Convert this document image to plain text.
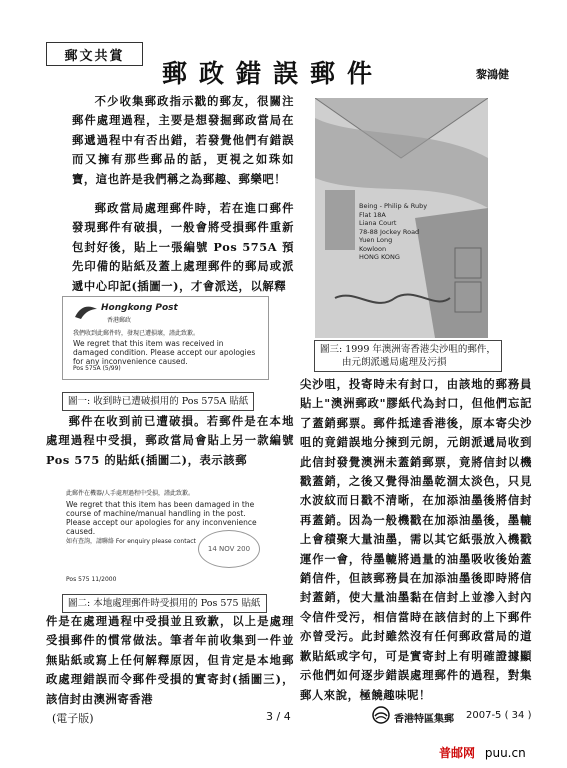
郵文共賞
郵政錯誤郵件	黎鴻健

不少收集郵政指示戳的郵友，很關注郵件處理過程，主要是想發掘郵政當局在郵遞過程中有否出錯，若發覺他們有錯誤而又擁有那些郵品的話，更視之如珠如寶，這也許是我們稱之為郵趣、郵樂吧！

郵政當局處理郵件時，若在進口郵件發現郵件有破損，一般會將受損郵件重新包封好後，貼上一張編號 Pos 575A 預先印備的貼紙及蓋上處理郵件的郵局或派遞中心印記(插圖一)，才會派送，以解釋

Hongkong Post
香港郵政
我們收到此郵件時，發現已遭損壞，謹此致歉。
We regret that this item was received in damaged condition. Please accept our apologies for any inconvenience caused.
Pos 575A (5/99)
圖一: 收到時已遭破損用的 Pos 575A 貼紙

郵件在收到前已遭破損。若郵件是在本地處理過程中受損，郵政當局會貼上另一款編號 Pos 575 的貼紙(插圖二)，表示該郵

此郵件在機器/人手處理過程中受損，謹此致歉。
We regret that this item has been damaged in the course of machine/manual handling in the post. Please accept our apologies for any inconvenience caused.
如有查詢，請聯絡 For enquiry please contact
14 NOV 200
Pos 575 11/2000
圖二: 本地處理郵件時受損用的 Pos 575 貼紙

件是在處理過程中受損並且致歉，以上是處理受損郵件的慣常做法。筆者年前收集到一件並無貼紙或寫上任何解釋原因，但肯定是本地郵政處理錯誤而令郵件受損的實寄封(插圖三)，該信封由澳洲寄香港

Being - Philip & Ruby
Flat 18A
Liana Court
78-88 Jockey Road
Yuen Long
Kowloon
HONG KONG
圖三: 1999 年澳洲寄香港尖沙咀的郵件，
由元朗派遞局處理及污損

尖沙咀，投寄時未有封口，由該地的郵務員貼上"澳洲郵政"膠紙代為封口，但他們忘記了蓋銷郵票。郵件抵達香港後，原本寄尖沙咀的竟錯誤地分揀到元朗，元朗派遞局收到此信封發覺澳洲未蓋銷郵票，竟將信封以機戳蓋銷，之後又覺得油墨乾涸太淡色，只見水波紋而日戳不清晰，在加添油墨後將信封再蓋銷。因為一般機戳在加添油墨後，墨轆上會積聚大量油墨，需以其它紙張放入機戳運作一會，待墨轆將過量的油墨吸收後始蓋銷信件，但該郵務員在加添油墨後即時將信封蓋銷，使大量油墨黏在信封上並滲入封內令信件受污，相信當時在該信封的上下郵件亦曾受污。此封雖然沒有任何郵政當局的道歉貼紙或字句，可是實寄封上有明確證據顯示他們如何逐步錯誤處理郵件的過程，對集郵人來說，極饒趣味呢！

(電子版)	3 / 4	香港特區集郵 2007-5 ( 34 )
普邮网 puu.cn
